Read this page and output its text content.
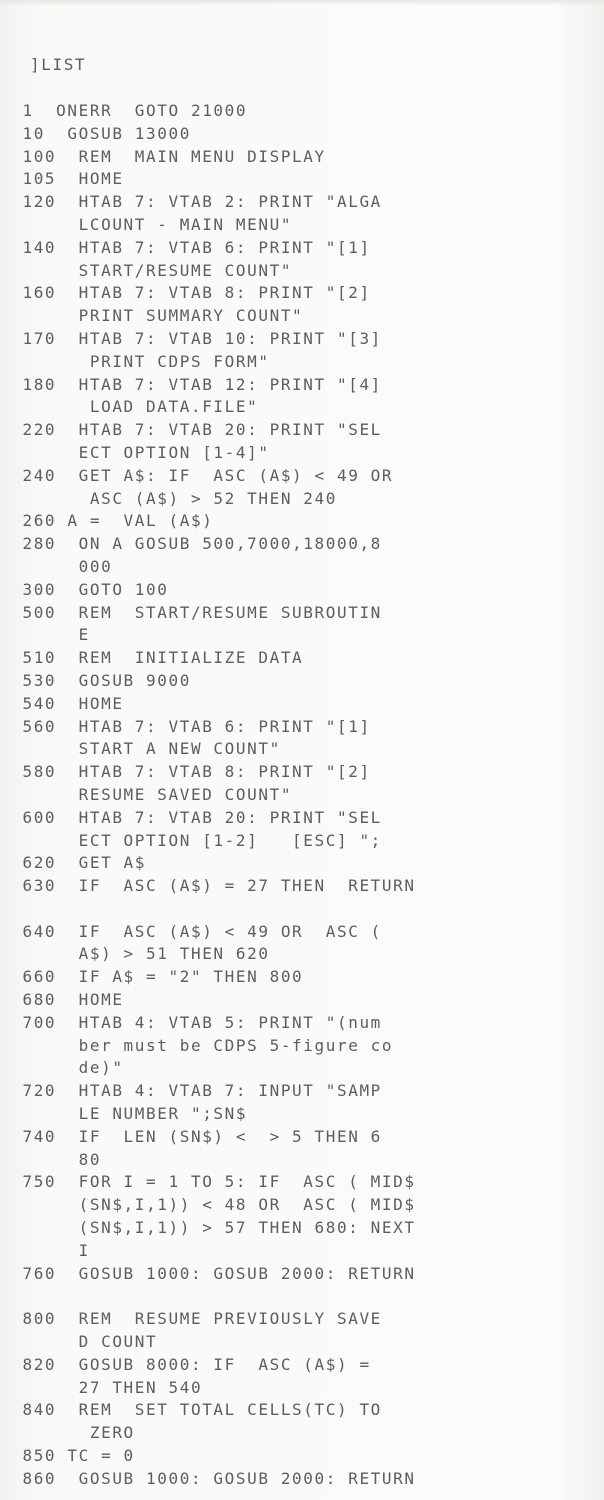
]LIST
1  ONERR  GOTO 21000
10  GOSUB 13000
100  REM  MAIN MENU DISPLAY
105  HOME
120  HTAB 7: VTAB 2: PRINT "ALGA
LCOUNT - MAIN MENU"
140  HTAB 7: VTAB 6: PRINT "[1]
START/RESUME COUNT"
160  HTAB 7: VTAB 8: PRINT "[2]
PRINT SUMMARY COUNT"
170  HTAB 7: VTAB 10: PRINT "[3]
PRINT CDPS FORM"
180  HTAB 7: VTAB 12: PRINT "[4]
LOAD DATA.FILE"
220  HTAB 7: VTAB 20: PRINT "SEL
ECT OPTION [1-4]"
240  GET A$: IF  ASC (A$) < 49 OR
ASC (A$) > 52 THEN 240
260 A =  VAL (A$)
280  ON A GOSUB 500,7000,18000,8
000
300  GOTO 100
500  REM  START/RESUME SUBROUTIN
E
510  REM  INITIALIZE DATA
530  GOSUB 9000
540  HOME
560  HTAB 7: VTAB 6: PRINT "[1]
START A NEW COUNT"
580  HTAB 7: VTAB 8: PRINT "[2]
RESUME SAVED COUNT"
600  HTAB 7: VTAB 20: PRINT "SEL
ECT OPTION [1-2]   [ESC] ";
620  GET A$
630  IF  ASC (A$) = 27 THEN  RETURN
640  IF  ASC (A$) < 49 OR  ASC (
A$) > 51 THEN 620
660  IF A$ = "2" THEN 800
680  HOME
700  HTAB 4: VTAB 5: PRINT "(num
ber must be CDPS 5-figure co
de)"
720  HTAB 4: VTAB 7: INPUT "SAMP
LE NUMBER ";SN$
740  IF  LEN (SN$) <  > 5 THEN 6
80
750  FOR I = 1 TO 5: IF  ASC ( MID$
(SN$,I,1)) < 48 OR  ASC ( MID$
(SN$,I,1)) > 57 THEN 680: NEXT
I
760  GOSUB 1000: GOSUB 2000: RETURN
800  REM  RESUME PREVIOUSLY SAVE
D COUNT
820  GOSUB 8000: IF  ASC (A$) =
27 THEN 540
840  REM  SET TOTAL CELLS(TC) TO
ZERO
850 TC = 0
860  GOSUB 1000: GOSUB 2000: RETURN
